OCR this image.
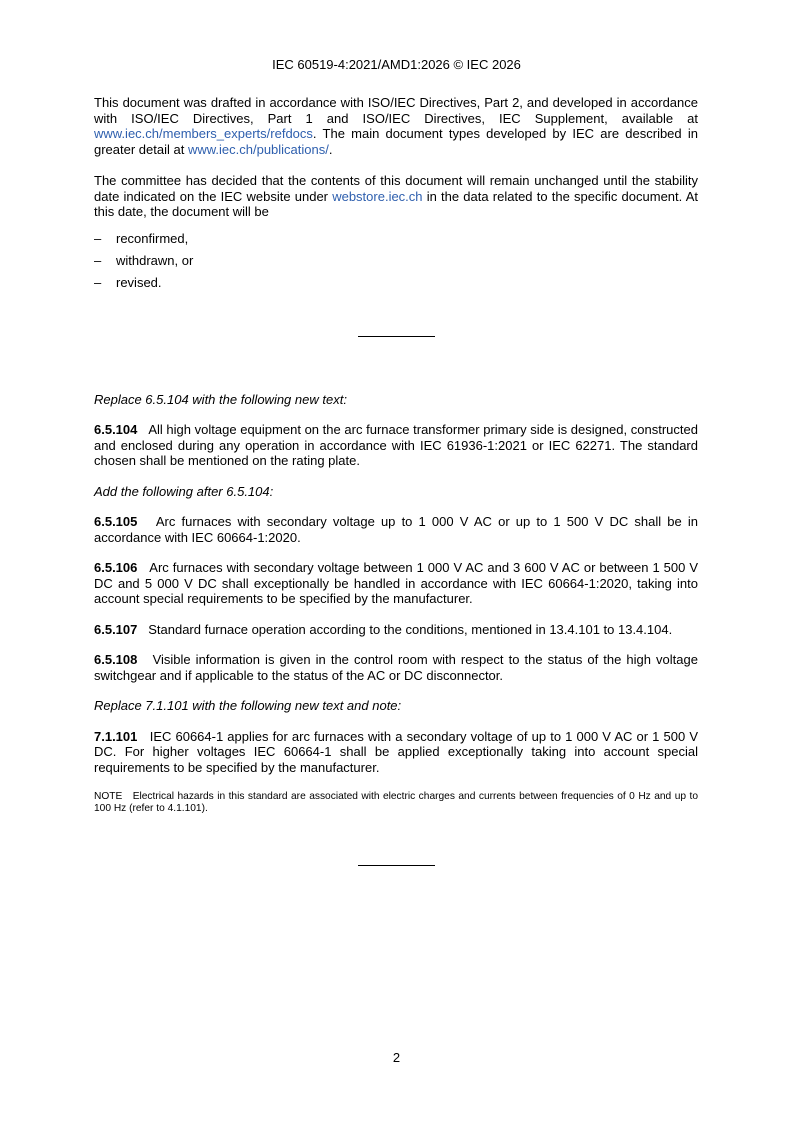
IEC 60519-4:2021/AMD1:2026 © IEC 2026

This document was drafted in accordance with ISO/IEC Directives, Part 2, and developed in accordance with ISO/IEC Directives, Part 1 and ISO/IEC Directives, IEC Supplement, available at www.iec.ch/members_experts/refdocs. The main document types developed by IEC are described in greater detail at www.iec.ch/publications/.

The committee has decided that the contents of this document will remain unchanged until the stability date indicated on the IEC website under webstore.iec.ch in the data related to the specific document. At this date, the document will be

– reconfirmed,
– withdrawn, or
– revised.

Replace 6.5.104 with the following new text:

6.5.104 All high voltage equipment on the arc furnace transformer primary side is designed, constructed and enclosed during any operation in accordance with IEC 61936-1:2021 or IEC 62271. The standard chosen shall be mentioned on the rating plate.

Add the following after 6.5.104:

6.5.105 Arc furnaces with secondary voltage up to 1 000 V AC or up to 1 500 V DC shall be in accordance with IEC 60664-1:2020.

6.5.106 Arc furnaces with secondary voltage between 1 000 V AC and 3 600 V AC or between 1 500 V DC and 5 000 V DC shall exceptionally be handled in accordance with IEC 60664-1:2020, taking into account special requirements to be specified by the manufacturer.

6.5.107 Standard furnace operation according to the conditions, mentioned in 13.4.101 to 13.4.104.

6.5.108 Visible information is given in the control room with respect to the status of the high voltage switchgear and if applicable to the status of the AC or DC disconnector.

Replace 7.1.101 with the following new text and note:

7.1.101 IEC 60664-1 applies for arc furnaces with a secondary voltage of up to 1 000 V AC or 1 500 V DC. For higher voltages IEC 60664-1 shall be applied exceptionally taking into account special requirements to be specified by the manufacturer.

NOTE Electrical hazards in this standard are associated with electric charges and currents between frequencies of 0 Hz and up to 100 Hz (refer to 4.1.101).

2
